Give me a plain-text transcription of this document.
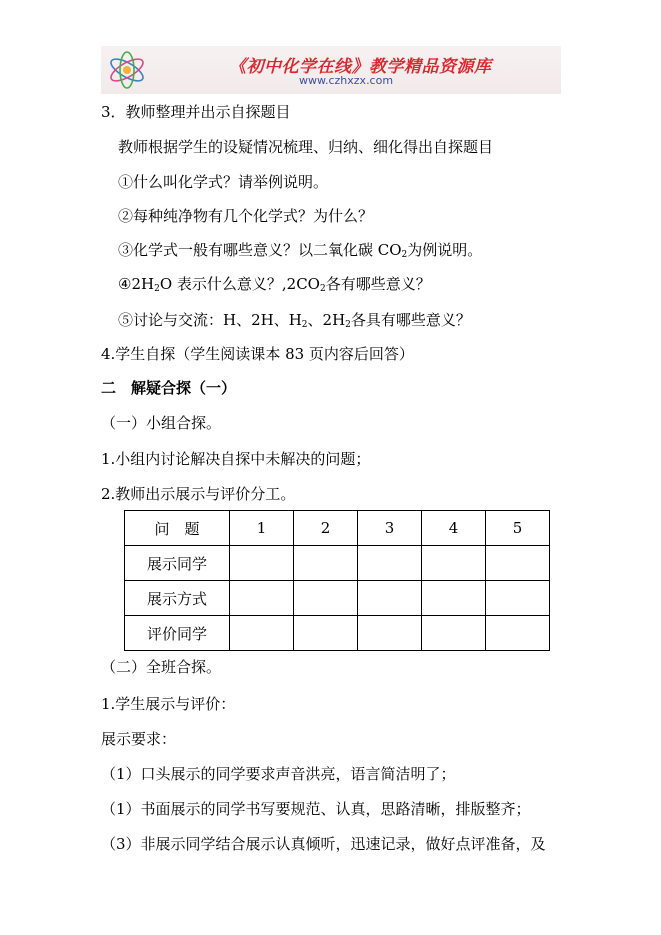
《初中化学在线》教学精品资源库
www.czhxzx.com
3．教师整理并出示自探题目
教师根据学生的设疑情况梳理、归纳、细化得出自探题目
①什么叫化学式？请举例说明。
②每种纯净物有几个化学式？为什么？
③化学式一般有哪些意义？以二氧化碳 $CO_2$为例说明。
$④2H_2O$ 表示什么意义？$,2CO_2$各有哪些意义？
⑤讨论与交流：H、2H、$H_2$、$2H_2$各具有哪些意义？
4.学生自探（学生阅读课本 83 页内容后回答）
二　解疑合探（一）
（一）小组合探。
1.小组内讨论解决自探中未解决的问题；
2.教师出示展示与评价分工。
问　题	1	2	3	4	5
展示同学					
展示方式					
评价同学					
（二）全班合探。
1.学生展示与评价：
展示要求：
（1）口头展示的同学要求声音洪亮，语言简洁明了；
（1）书面展示的同学书写要规范、认真，思路清晰，排版整齐；
（3）非展示同学结合展示认真倾听，迅速记录，做好点评准备，及
